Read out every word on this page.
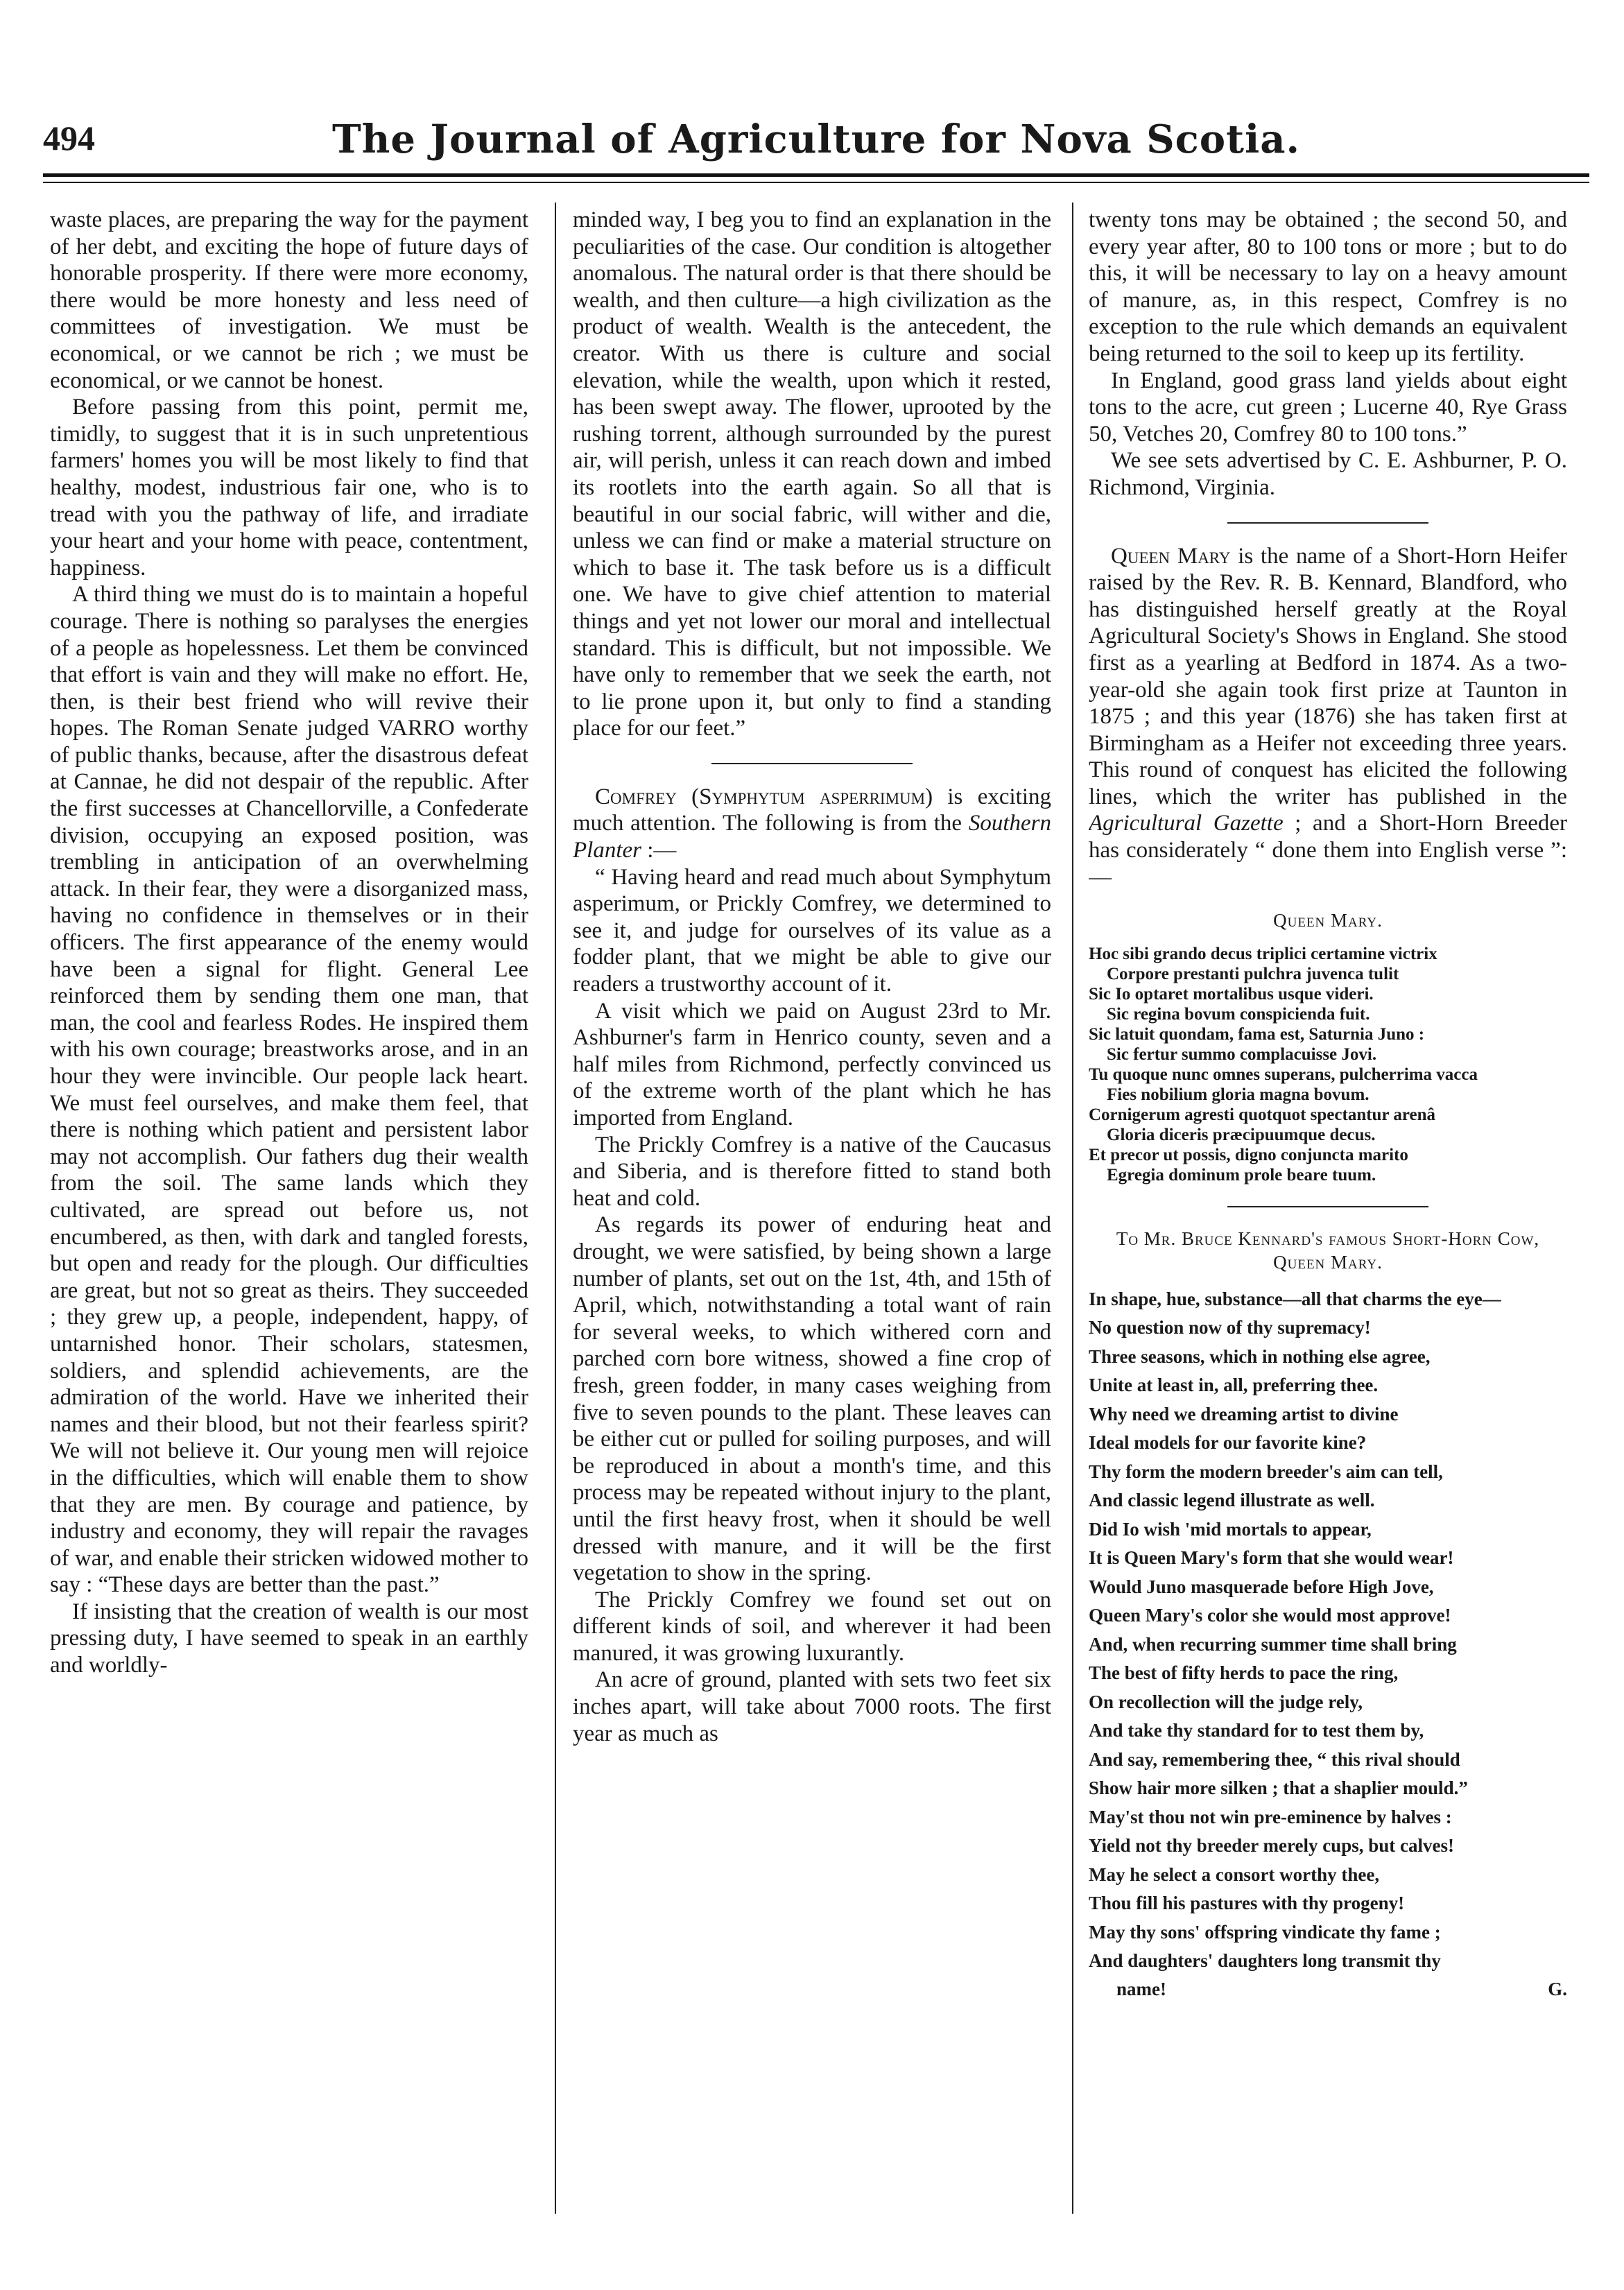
494	The Journal of Agriculture for Nova Scotia.

waste places, are preparing the way for the payment of her debt, and exciting the hope of future days of honorable prosperity. If there were more economy, there would be more honesty and less need of committees of investigation. We must be economical, or we cannot be rich ; we must be economical, or we cannot be honest.

Before passing from this point, permit me, timidly, to suggest that it is in such unpretentious farmers' homes you will be most likely to find that healthy, modest, industrious fair one, who is to tread with you the pathway of life, and irradiate your heart and your home with peace, contentment, happiness.

A third thing we must do is to maintain a hopeful courage. There is nothing so paralyses the energies of a people as hopelessness. Let them be convinced that effort is vain and they will make no effort. He, then, is their best friend who will revive their hopes. The Roman Senate judged VARRO worthy of public thanks, because, after the disastrous defeat at Cannae, he did not despair of the republic. After the first successes at Chancellorville, a Confederate division, occupying an exposed position, was trembling in anticipation of an overwhelming attack. In their fear, they were a disorganized mass, having no confidence in themselves or in their officers. The first appearance of the enemy would have been a signal for flight. General Lee reinforced them by sending them one man, that man, the cool and fearless Rodes. He inspired them with his own courage; breastworks arose, and in an hour they were invincible. Our people lack heart. We must feel ourselves, and make them feel, that there is nothing which patient and persistent labor may not accomplish. Our fathers dug their wealth from the soil. The same lands which they cultivated, are spread out before us, not encumbered, as then, with dark and tangled forests, but open and ready for the plough. Our difficulties are great, but not so great as theirs. They succeeded ; they grew up, a people, independent, happy, of untarnished honor. Their scholars, statesmen, soldiers, and splendid achievements, are the admiration of the world. Have we inherited their names and their blood, but not their fearless spirit? We will not believe it. Our young men will rejoice in the difficulties, which will enable them to show that they are men. By courage and patience, by industry and economy, they will repair the ravages of war, and enable their stricken widowed mother to say : “These days are better than the past.”

If insisting that the creation of wealth is our most pressing duty, I have seemed to speak in an earthly and worldly-

minded way, I beg you to find an explanation in the peculiarities of the case. Our condition is altogether anomalous. The natural order is that there should be wealth, and then culture—a high civilization as the product of wealth. Wealth is the antecedent, the creator. With us there is culture and social elevation, while the wealth, upon which it rested, has been swept away. The flower, uprooted by the rushing torrent, although surrounded by the purest air, will perish, unless it can reach down and imbed its rootlets into the earth again. So all that is beautiful in our social fabric, will wither and die, unless we can find or make a material structure on which to base it. The task before us is a difficult one. We have to give chief attention to material things and yet not lower our moral and intellectual standard. This is difficult, but not impossible. We have only to remember that we seek the earth, not to lie prone upon it, but only to find a standing place for our feet.”

Comfrey (Symphytum asperrimum) is exciting much attention. The following is from the Southern Planter :—

“ Having heard and read much about Symphytum asperimum, or Prickly Comfrey, we determined to see it, and judge for ourselves of its value as a fodder plant, that we might be able to give our readers a trustworthy account of it.

A visit which we paid on August 23rd to Mr. Ashburner's farm in Henrico county, seven and a half miles from Richmond, perfectly convinced us of the extreme worth of the plant which he has imported from England.

The Prickly Comfrey is a native of the Caucasus and Siberia, and is therefore fitted to stand both heat and cold.

As regards its power of enduring heat and drought, we were satisfied, by being shown a large number of plants, set out on the 1st, 4th, and 15th of April, which, notwithstanding a total want of rain for several weeks, to which withered corn and parched corn bore witness, showed a fine crop of fresh, green fodder, in many cases weighing from five to seven pounds to the plant. These leaves can be either cut or pulled for soiling purposes, and will be reproduced in about a month's time, and this process may be repeated without injury to the plant, until the first heavy frost, when it should be well dressed with manure, and it will be the first vegetation to show in the spring.

The Prickly Comfrey we found set out on different kinds of soil, and wherever it had been manured, it was growing luxurantly.

An acre of ground, planted with sets two feet six inches apart, will take about 7000 roots. The first year as much as

twenty tons may be obtained ; the second 50, and every year after, 80 to 100 tons or more ; but to do this, it will be necessary to lay on a heavy amount of manure, as, in this respect, Comfrey is no exception to the rule which demands an equivalent being returned to the soil to keep up its fertility.

In England, good grass land yields about eight tons to the acre, cut green ; Lucerne 40, Rye Grass 50, Vetches 20, Comfrey 80 to 100 tons.”

We see sets advertised by C. E. Ashburner, P. O. Richmond, Virginia.

Queen Mary is the name of a Short-Horn Heifer raised by the Rev. R. B. Kennard, Blandford, who has distinguished herself greatly at the Royal Agricultural Society's Shows in England. She stood first as a yearling at Bedford in 1874. As a two-year-old she again took first prize at Taunton in 1875 ; and this year (1876) she has taken first at Birmingham as a Heifer not exceeding three years. This round of conquest has elicited the following lines, which the writer has published in the Agricultural Gazette ; and a Short-Horn Breeder has considerately “ done them into English verse ”:—

Queen Mary.
Hoc sibi grando decus triplici certamine victrix
Corpore prestanti pulchra juvenca tulit
Sic Io optaret mortalibus usque videri.
Sic regina bovum conspicienda fuit.
Sic latuit quondam, fama est, Saturnia Juno :
Sic fertur summo complacuisse Jovi.
Tu quoque nunc omnes superans, pulcherrima vacca
Fies nobilium gloria magna bovum.
Cornigerum agresti quotquot spectantur arenâ
Gloria diceris præcipuumque decus.
Et precor ut possis, digno conjuncta marito
Egregia dominum prole beare tuum.
To Mr. Bruce Kennard's famous Short-Horn Cow, Queen Mary.
In shape, hue, substance—all that charms the eye—
No question now of thy supremacy!
Three seasons, which in nothing else agree,
Unite at least in, all, preferring thee.
Why need we dreaming artist to divine
Ideal models for our favorite kine?
Thy form the modern breeder's aim can tell,
And classic legend illustrate as well.
Did Io wish 'mid mortals to appear,
It is Queen Mary's form that she would wear!
Would Juno masquerade before High Jove,
Queen Mary's color she would most approve!
And, when recurring summer time shall bring
The best of fifty herds to pace the ring,
On recollection will the judge rely,
And take thy standard for to test them by,
And say, remembering thee, “ this rival should
Show hair more silken ; that a shaplier mould.”
May'st thou not win pre-eminence by halves :
Yield not thy breeder merely cups, but calves!
May he select a consort worthy thee,
Thou fill his pastures with thy progeny!
May thy sons' offspring vindicate thy fame ;
And daughters' daughters long transmit thy
name!	G.
